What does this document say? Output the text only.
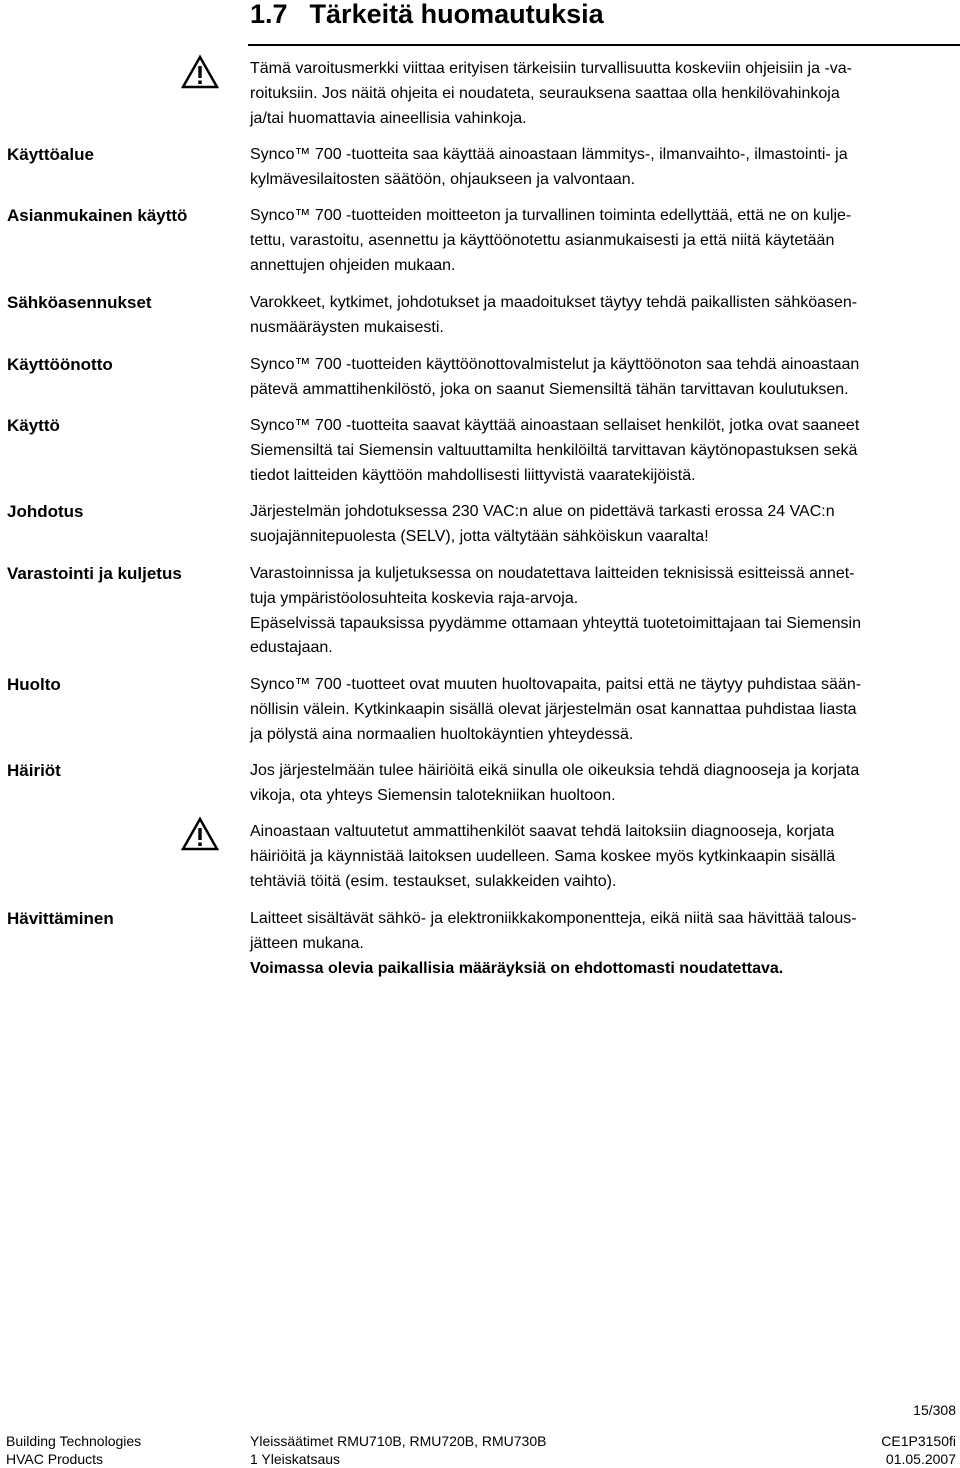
1.7 Tärkeitä huomautuksia
Käyttöalue
Asianmukainen käyttö
Sähköasennukset
Käyttöönotto
Käyttö
Johdotus
Varastointi ja kuljetus
Huolto
Häiriöt
Hävittäminen

Tämä varoitusmerkki viittaa erityisen tärkeisiin turvallisuutta koskeviin ohjeisiin ja -va-
roituksiin. Jos näitä ohjeita ei noudateta, seurauksena saattaa olla henkilövahinkoja
ja/tai huomattavia aineellisia vahinkoja.

Synco™ 700 -tuotteita saa käyttää ainoastaan lämmitys-, ilmanvaihto-, ilmastointi- ja
kylmävesilaitosten säätöön, ohjaukseen ja valvontaan.

Synco™ 700 -tuotteiden moitteeton ja turvallinen toiminta edellyttää, että ne on kulje-
tettu, varastoitu, asennettu ja käyttöönotettu asianmukaisesti ja että niitä käytetään
annettujen ohjeiden mukaan.

Varokkeet, kytkimet, johdotukset ja maadoitukset täytyy tehdä paikallisten sähköasen-
nusmääräysten mukaisesti.

Synco™ 700 -tuotteiden käyttöönottovalmistelut ja käyttöönoton saa tehdä ainoastaan
pätevä ammattihenkilöstö, joka on saanut Siemensiltä tähän tarvittavan koulutuksen.

Synco™ 700 -tuotteita saavat käyttää ainoastaan sellaiset henkilöt, jotka ovat saaneet
Siemensiltä tai Siemensin valtuuttamilta henkilöiltä tarvittavan käytönopastuksen sekä
tiedot laitteiden käyttöön mahdollisesti liittyvistä vaaratekijöistä.

Järjestelmän johdotuksessa 230 VAC:n alue on pidettävä tarkasti erossa 24 VAC:n
suojajännitepuolesta (SELV), jotta vältytään sähköiskun vaaralta!

Varastoinnissa ja kuljetuksessa on noudatettava laitteiden teknisissä esitteissä annet-
tuja ympäristöolosuhteita koskevia raja-arvoja.
Epäselvissä tapauksissa pyydämme ottamaan yhteyttä tuotetoimittajaan tai Siemensin
edustajaan.

Synco™ 700 -tuotteet ovat muuten huoltovapaita, paitsi että ne täytyy puhdistaa sään-
nöllisin välein. Kytkinkaapin sisällä olevat järjestelmän osat kannattaa puhdistaa liasta
ja pölystä aina normaalien huoltokäyntien yhteydessä.

Jos järjestelmään tulee häiriöitä eikä sinulla ole oikeuksia tehdä diagnooseja ja korjata
vikoja, ota yhteys Siemensin talotekniikan huoltoon.

Ainoastaan valtuutetut ammattihenkilöt saavat tehdä laitoksiin diagnooseja, korjata
häiriöitä ja käynnistää laitoksen uudelleen. Sama koskee myös kytkinkaapin sisällä
tehtäviä töitä (esim. testaukset, sulakkeiden vaihto).

Laitteet sisältävät sähkö- ja elektroniikkakomponentteja, eikä niitä saa hävittää talous-
jätteen mukana.
Voimassa olevia paikallisia määräyksiä on ehdottomasti noudatettava.

15/308
Building Technologies
HVAC Products
Yleissäätimet RMU710B, RMU720B, RMU730B
1 Yleiskatsaus
CE1P3150fi
01.05.2007
